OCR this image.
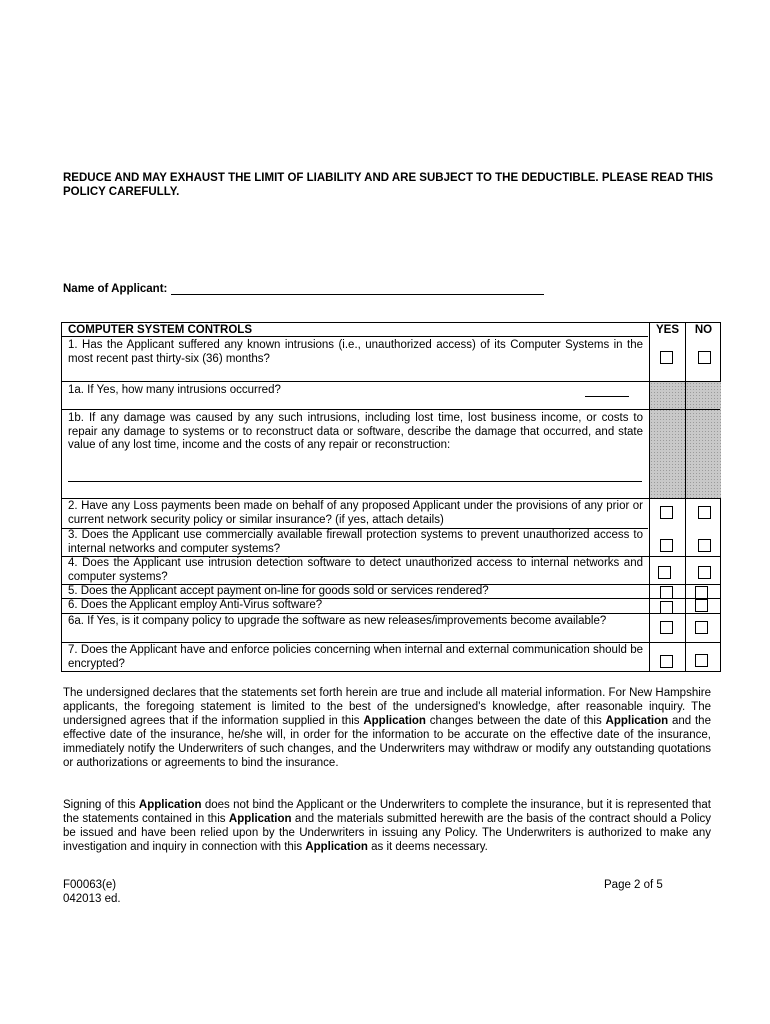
REDUCE AND MAY EXHAUST THE LIMIT OF LIABILITY AND ARE SUBJECT TO THE DEDUCTIBLE. PLEASE READ THIS POLICY CAREFULLY.
Name of Applicant:
COMPUTER SYSTEM CONTROLS	YES	NO
1. Has the Applicant suffered any known intrusions (i.e., unauthorized access) of its Computer Systems in the most recent past thirty-six (36) months?
1a. If Yes, how many intrusions occurred?
1b. If any damage was caused by any such intrusions, including lost time, lost business income, or costs to repair any damage to systems or to reconstruct data or software, describe the damage that occurred, and state value of any lost time, income and the costs of any repair or reconstruction:
2. Have any Loss payments been made on behalf of any proposed Applicant under the provisions of any prior or current network security policy or similar insurance? (if yes, attach details)
3. Does the Applicant use commercially available firewall protection systems to prevent unauthorized access to internal networks and computer systems?
4. Does the Applicant use intrusion detection software to detect unauthorized access to internal networks and computer systems?
5. Does the Applicant accept payment on-line for goods sold or services rendered?
6. Does the Applicant employ Anti-Virus software?
6a. If Yes, is it company policy to upgrade the software as new releases/improvements become available?
7. Does the Applicant have and enforce policies concerning when internal and external communication should be encrypted?
The undersigned declares that the statements set forth herein are true and include all material information. For New Hampshire applicants, the foregoing statement is limited to the best of the undersigned's knowledge, after reasonable inquiry. The undersigned agrees that if the information supplied in this Application changes between the date of this Application and the effective date of the insurance, he/she will, in order for the information to be accurate on the effective date of the insurance, immediately notify the Underwriters of such changes, and the Underwriters may withdraw or modify any outstanding quotations or authorizations or agreements to bind the insurance.
Signing of this Application does not bind the Applicant or the Underwriters to complete the insurance, but it is represented that the statements contained in this Application and the materials submitted herewith are the basis of the contract should a Policy be issued and have been relied upon by the Underwriters in issuing any Policy. The Underwriters is authorized to make any investigation and inquiry in connection with this Application as it deems necessary.
F00063(e)
042013 ed.
Page 2 of 5
